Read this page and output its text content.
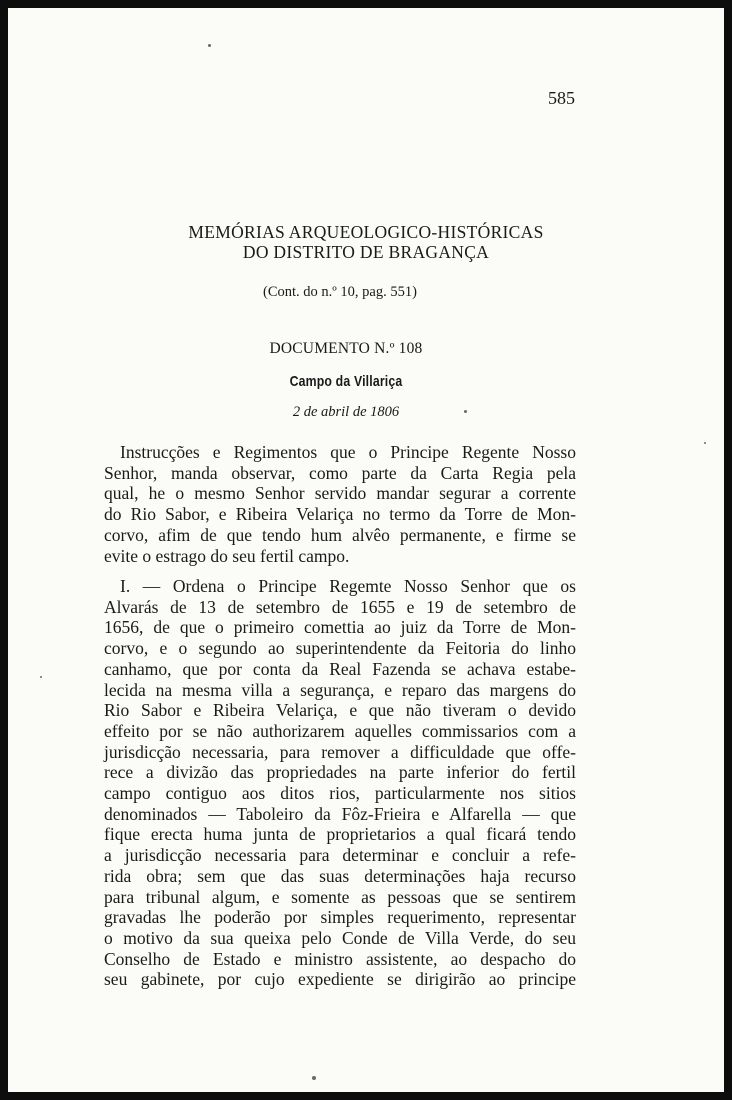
585
MEMÓRIAS ARQUEOLOGICO-HISTÓRICAS
DO DISTRITO DE BRAGANÇA
(Cont. do n.º 10, pag. 551)
DOCUMENTO N.º 108
Campo da Villariça
2 de abril de 1806
Instrucções e Regimentos que o Principe Regente Nosso
Senhor, manda observar, como parte da Carta Regia pela
qual, he o mesmo Senhor servido mandar segurar a corrente
do Rio Sabor, e Ribeira Velariça no termo da Torre de Mon-
corvo, afim de que tendo hum alvêo permanente, e firme se
evite o estrago do seu fertil campo.
I. — Ordena o Principe Regemte Nosso Senhor que os
Alvarás de 13 de setembro de 1655 e 19 de setembro de
1656, de que o primeiro comettia ao juiz da Torre de Mon-
corvo, e o segundo ao superintendente da Feitoria do linho
canhamo, que por conta da Real Fazenda se achava estabe-
lecida na mesma villa a segurança, e reparo das margens do
Rio Sabor e Ribeira Velariça, e que não tiveram o devido
effeito por se não authorizarem aquelles commissarios com a
jurisdicção necessaria, para remover a difficuldade que offe-
rece a divizão das propriedades na parte inferior do fertil
campo contiguo aos ditos rios, particularmente nos sitios
denominados — Taboleiro da Fôz-Frieira e Alfarella — que
fique erecta huma junta de proprietarios a qual ficará tendo
a jurisdicção necessaria para determinar e concluir a refe-
rida obra; sem que das suas determinações haja recurso
para tribunal algum, e somente as pessoas que se sentirem
gravadas lhe poderão por simples requerimento, representar
o motivo da sua queixa pelo Conde de Villa Verde, do seu
Conselho de Estado e ministro assistente, ao despacho do
seu gabinete, por cujo expediente se dirigirão ao principe
